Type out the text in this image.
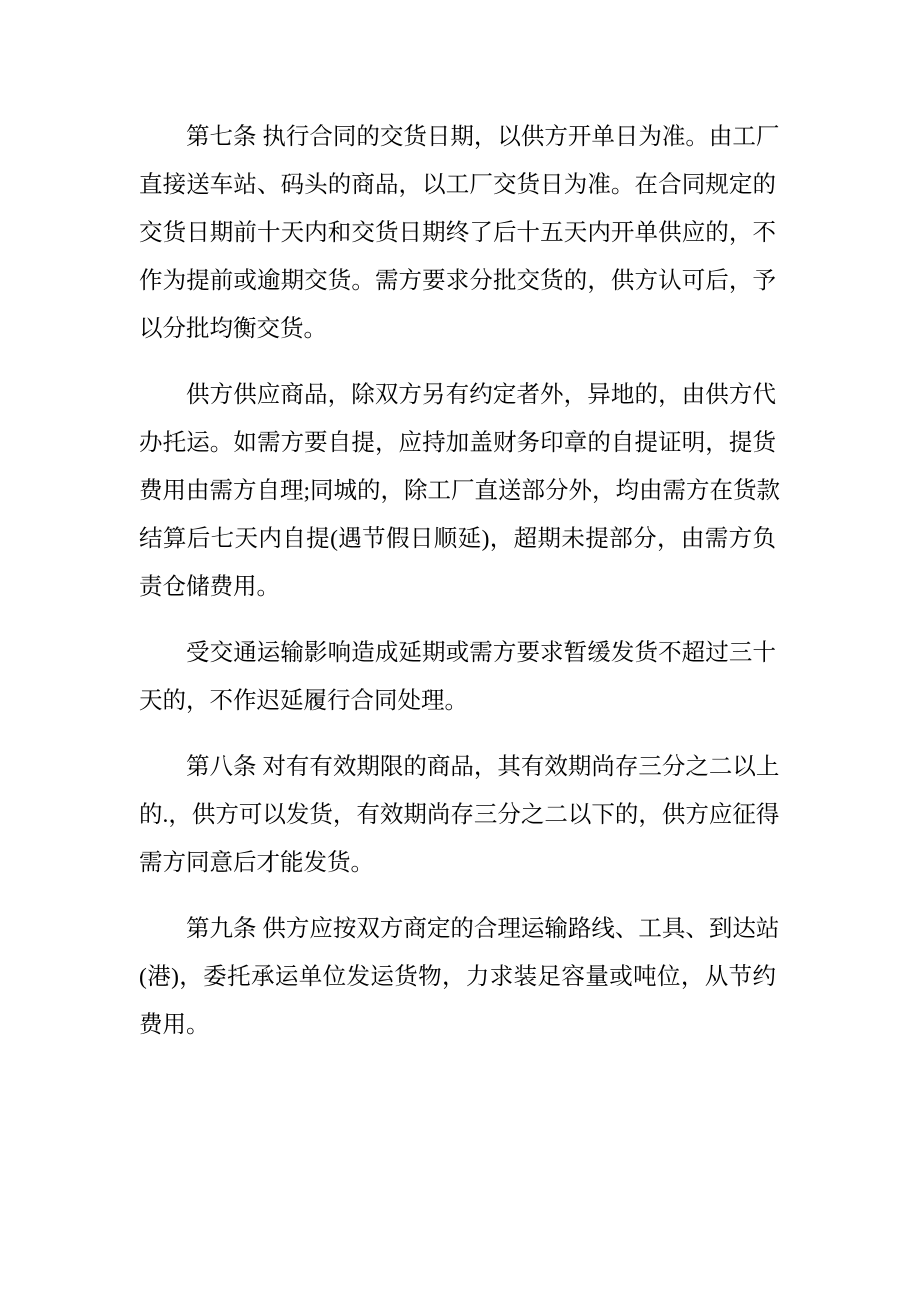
第七条 执行合同的交货日期，以供方开单日为准。由工厂
直接送车站、码头的商品，以工厂交货日为准。在合同规定的
交货日期前十天内和交货日期终了后十五天内开单供应的，不
作为提前或逾期交货。需方要求分批交货的，供方认可后，予
以分批均衡交货。
供方供应商品，除双方另有约定者外，异地的，由供方代
办托运。如需方要自提，应持加盖财务印章的自提证明，提货
费用由需方自理;同城的，除工厂直送部分外，均由需方在货款
结算后七天内自提(遇节假日顺延)，超期未提部分，由需方负
责仓储费用。
受交通运输影响造成延期或需方要求暂缓发货不超过三十
天的，不作迟延履行合同处理。
第八条 对有有效期限的商品，其有效期尚存三分之二以上
的.，供方可以发货，有效期尚存三分之二以下的，供方应征得
需方同意后才能发货。
第九条 供方应按双方商定的合理运输路线、工具、到达站
(港)，委托承运单位发运货物，力求装足容量或吨位，从节约
费用。
